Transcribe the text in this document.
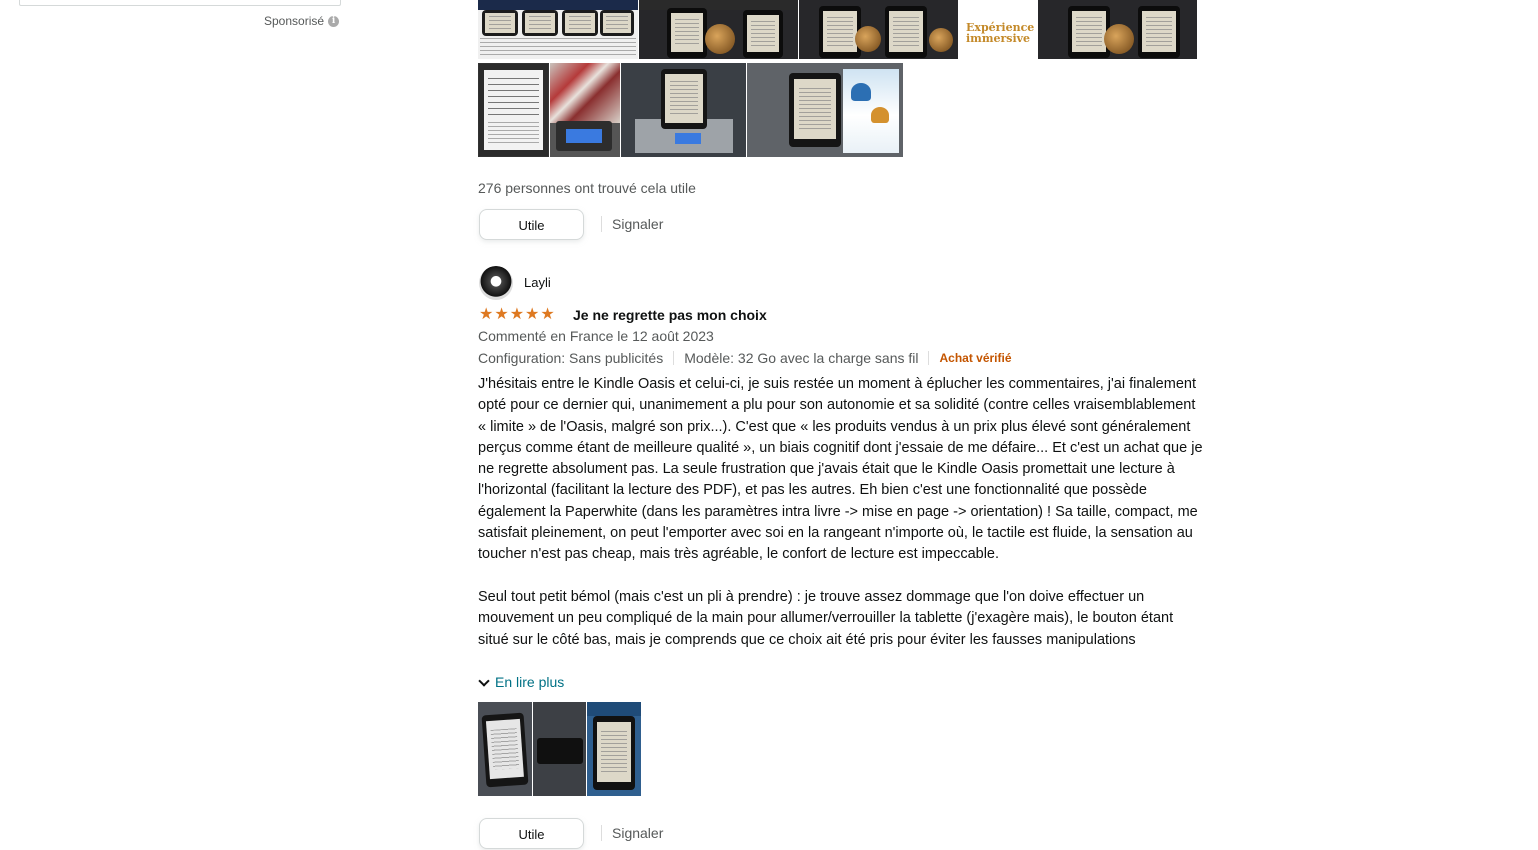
Sponsorisé i
Expérience immersive
276 personnes ont trouvé cela utile
Utile	Signaler
Layli
★ ★ ★ ★ ★ Je ne regrette pas mon choix
Commenté en France le 12 août 2023
Configuration: Sans publicités Modèle: 32 Go avec la charge sans fil Achat vérifié

J'hésitais entre le Kindle Oasis et celui-ci, je suis restée un moment à éplucher les commentaires, j'ai finalement opté pour ce dernier qui, unanimement a plu pour son autonomie et sa solidité (contre celles vraisemblablement « limite » de l'Oasis, malgré son prix...). C'est que « les produits vendus à un prix plus élevé sont généralement perçus comme étant de meilleure qualité », un biais cognitif dont j'essaie de me défaire... Et c'est un achat que je ne regrette absolument pas. La seule frustration que j'avais était que le Kindle Oasis promettait une lecture à l'horizontal (facilitant la lecture des PDF), et pas les autres. Eh bien c'est une fonctionnalité que possède également la Paperwhite (dans les paramètres intra livre -> mise en page -> orientation) ! Sa taille, compact, me satisfait pleinement, on peut l'emporter avec soi en la rangeant n'importe où, le tactile est fluide, la sensation au toucher n'est pas cheap, mais très agréable, le confort de lecture est impeccable.

Seul tout petit bémol (mais c'est un pli à prendre) : je trouve assez dommage que l'on doive effectuer un mouvement un peu compliqué de la main pour allumer/verrouiller la tablette (j'exagère mais), le bouton étant situé sur le côté bas, mais je comprends que ce choix ait été pris pour éviter les fausses manipulations

En lire plus
Utile	Signaler
